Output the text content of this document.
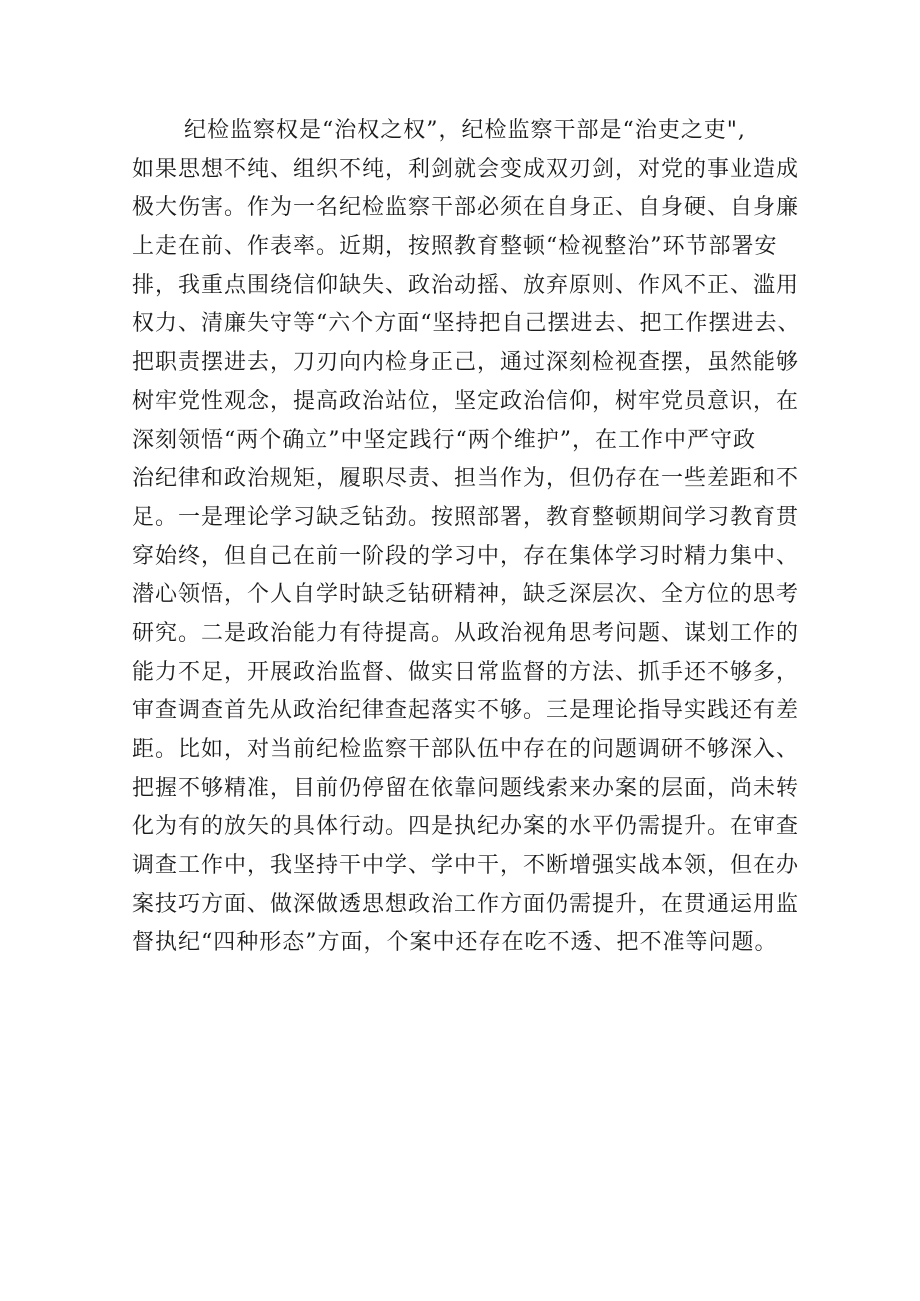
纪检监察权是“治权之权”，纪检监察干部是“治吏之吏",
如果思想不纯、组织不纯，利剑就会变成双刃剑，对党的事业造成
极大伤害。作为一名纪检监察干部必须在自身正、自身硬、自身廉
上走在前、作表率。近期，按照教育整顿“检视整治”环节部署安
排，我重点围绕信仰缺失、政治动摇、放弃原则、作风不正、滥用
权力、清廉失守等“六个方面“坚持把自己摆进去、把工作摆进去、
把职责摆进去，刀刃向内检身正己，通过深刻检视查摆，虽然能够
树牢党性观念，提高政治站位，坚定政治信仰，树牢党员意识，在
深刻领悟“两个确立”中坚定践行“两个维护”，在工作中严守政
治纪律和政治规矩，履职尽责、担当作为，但仍存在一些差距和不
足。一是理论学习缺乏钻劲。按照部署，教育整顿期间学习教育贯
穿始终，但自己在前一阶段的学习中，存在集体学习时精力集中、
潜心领悟，个人自学时缺乏钻研精神，缺乏深层次、全方位的思考
研究。二是政治能力有待提高。从政治视角思考问题、谋划工作的
能力不足，开展政治监督、做实日常监督的方法、抓手还不够多，
审查调查首先从政治纪律查起落实不够。三是理论指导实践还有差
距。比如，对当前纪检监察干部队伍中存在的问题调研不够深入、
把握不够精准，目前仍停留在依靠问题线索来办案的层面，尚未转
化为有的放矢的具体行动。四是执纪办案的水平仍需提升。在审查
调查工作中，我坚持干中学、学中干，不断增强实战本领，但在办
案技巧方面、做深做透思想政治工作方面仍需提升，在贯通运用监
督执纪“四种形态”方面，个案中还存在吃不透、把不准等问题。
